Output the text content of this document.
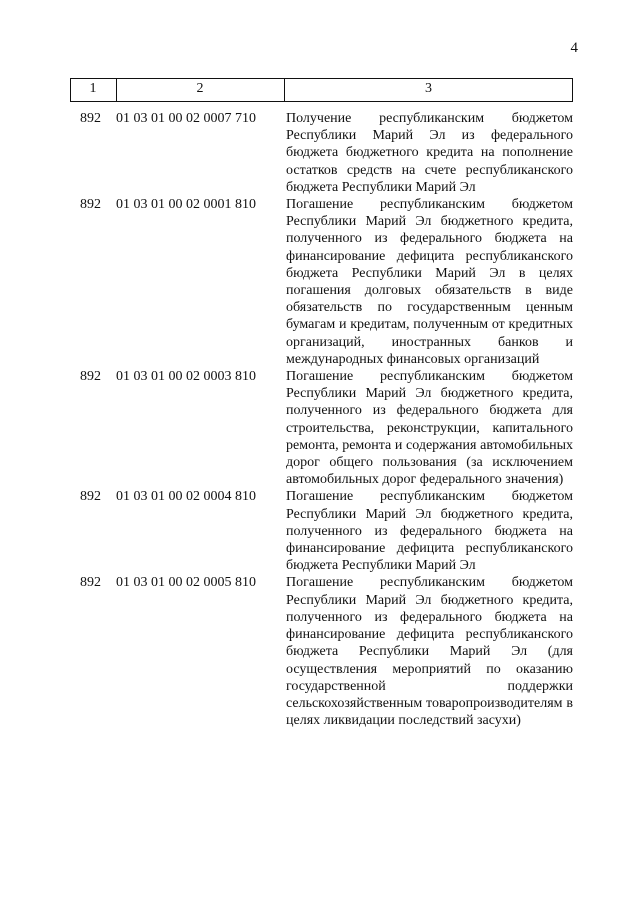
4
1	2	3
892	01 03 01 00 02 0007 710	Получение республиканским бюджетом Республики Марий Эл из федерального бюджета бюджетного кредита на пополнение остатков средств на счете республиканского бюджета Республики Марий Эл
892	01 03 01 00 02 0001 810	Погашение республиканским бюджетом Республики Марий Эл бюджетного кредита, полученного из федерального бюджета на финансирование дефицита республиканского бюджета Республики Марий Эл в целях погашения долговых обязательств в виде обязательств по государственным ценным бумагам и кредитам, полученным от кредитных организаций, иностранных банков и международных финансовых организаций
892	01 03 01 00 02 0003 810	Погашение республиканским бюджетом Республики Марий Эл бюджетного кредита, полученного из федерального бюджета для строительства, реконструкции, капитального ремонта, ремонта и содержания автомобильных дорог общего пользования (за исключением автомобильных дорог федерального значения)
892	01 03 01 00 02 0004 810	Погашение республиканским бюджетом Республики Марий Эл бюджетного кредита, полученного из федерального бюджета на финансирование дефицита республиканского бюджета Республики Марий Эл
892	01 03 01 00 02 0005 810	Погашение республиканским бюджетом Республики Марий Эл бюджетного кредита, полученного из федерального бюджета на финансирование дефицита республиканского бюджета Республики Марий Эл (для осуществления мероприятий по оказанию государственной поддержки сельскохозяйственным товаропроизводителям в целях ликвидации последствий засухи)
